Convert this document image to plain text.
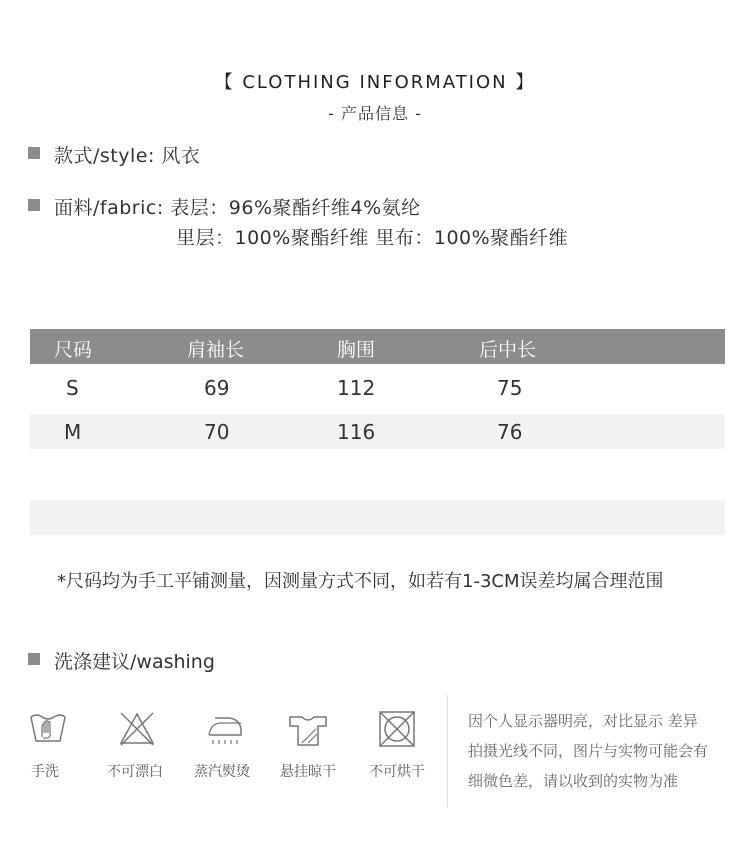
【 CLOTHING INFORMATION 】
- 产品信息 -
款式/style: 风衣
面料/fabric: 表层：96%聚酯纤维4%氨纶
里层：100%聚酯纤维 里布：100%聚酯纤维
尺码	肩袖长	胸围	后中长
S	69	112	75
M	70	116	76
*尺码均为手工平铺测量，因测量方式不同，如若有1-3CM误差均属合理范围
洗涤建议/washing
手洗	不可漂白 蒸汽熨烫 悬挂晾干 不可烘干
因个人显示器明亮，对比显示 差异
拍摄光线不同，图片与实物可能会有
细微色差，请以收到的实物为准
